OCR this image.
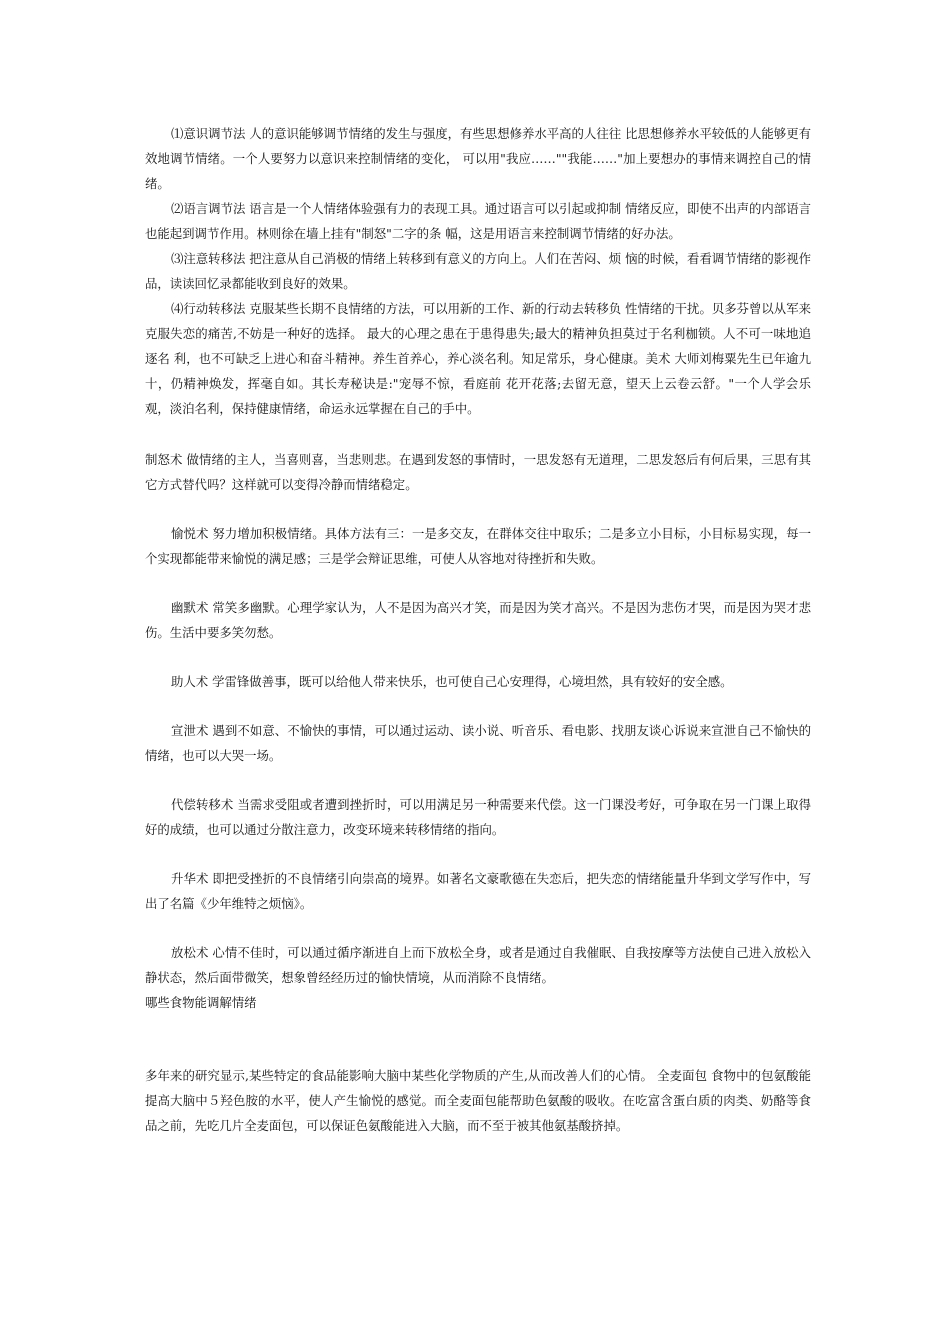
⑴意识调节法 人的意识能够调节情绪的发生与强度，有些思想修养水平高的人往往 比思想修养水平较低的人能够更有效地调节情绪。一个人要努力以意识来控制情绪的变化， 可以用"我应……""我能……"加上要想办的事情来调控自己的情绪。

⑵语言调节法 语言是一个人情绪体验强有力的表现工具。通过语言可以引起或抑制 情绪反应，即使不出声的内部语言也能起到调节作用。林则徐在墙上挂有"制怒"二字的条 幅，这是用语言来控制调节情绪的好办法。

⑶注意转移法 把注意从自己消极的情绪上转移到有意义的方向上。人们在苦闷、烦 恼的时候，看看调节情绪的影视作品，读读回忆录都能收到良好的效果。

⑷行动转移法 克服某些长期不良情绪的方法，可以用新的工作、新的行动去转移负 性情绪的干扰。贝多芬曾以从军来克服失恋的痛苦,不妨是一种好的选择。 最大的心理之患在于患得患失;最大的精神负担莫过于名利枷锁。人不可一味地追逐名 利，也不可缺乏上进心和奋斗精神。养生首养心，养心淡名利。知足常乐，身心健康。美术 大师刘梅粟先生已年逾九十，仍精神焕发，挥毫自如。其长寿秘诀是:"宠辱不惊，看庭前 花开花落;去留无意，望天上云卷云舒。"一个人学会乐观，淡泊名利，保持健康情绪，命运永远掌握在自己的手中。

制怒术 做情绪的主人，当喜则喜，当悲则悲。在遇到发怒的事情时，一思发怒有无道理，二思发怒后有何后果，三思有其它方式替代吗？这样就可以变得冷静而情绪稳定。

愉悦术 努力增加积极情绪。具体方法有三：一是多交友，在群体交往中取乐；二是多立小目标，小目标易实现，每一个实现都能带来愉悦的满足感；三是学会辩证思维，可使人从容地对待挫折和失败。

幽默术 常笑多幽默。心理学家认为，人不是因为高兴才笑，而是因为笑才高兴。不是因为悲伤才哭，而是因为哭才悲伤。生活中要多笑勿愁。

助人术 学雷锋做善事，既可以给他人带来快乐，也可使自己心安理得，心境坦然，具有较好的安全感。

宣泄术 遇到不如意、不愉快的事情，可以通过运动、读小说、听音乐、看电影、找朋友谈心诉说来宣泄自己不愉快的情绪，也可以大哭一场。

代偿转移术 当需求受阻或者遭到挫折时，可以用满足另一种需要来代偿。这一门课没考好，可争取在另一门课上取得好的成绩，也可以通过分散注意力，改变环境来转移情绪的指向。

升华术 即把受挫折的不良情绪引向崇高的境界。如著名文豪歌德在失恋后，把失恋的情绪能量升华到文学写作中，写出了名篇《少年维特之烦恼》。

放松术 心情不佳时，可以通过循序渐进自上而下放松全身，或者是通过自我催眠、自我按摩等方法使自己进入放松入静状态，然后面带微笑，想象曾经经历过的愉快情境，从而消除不良情绪。

哪些食物能调解情绪

多年来的研究显示,某些特定的食品能影响大脑中某些化学物质的产生,从而改善人们的心情。 全麦面包 食物中的包氨酸能提高大脑中５羟色胺的水平，使人产生愉悦的感觉。而全麦面包能帮助色氨酸的吸收。在吃富含蛋白质的肉类、奶酪等食品之前，先吃几片全麦面包，可以保证色氨酸能进入大脑，而不至于被其他氨基酸挤掉。
